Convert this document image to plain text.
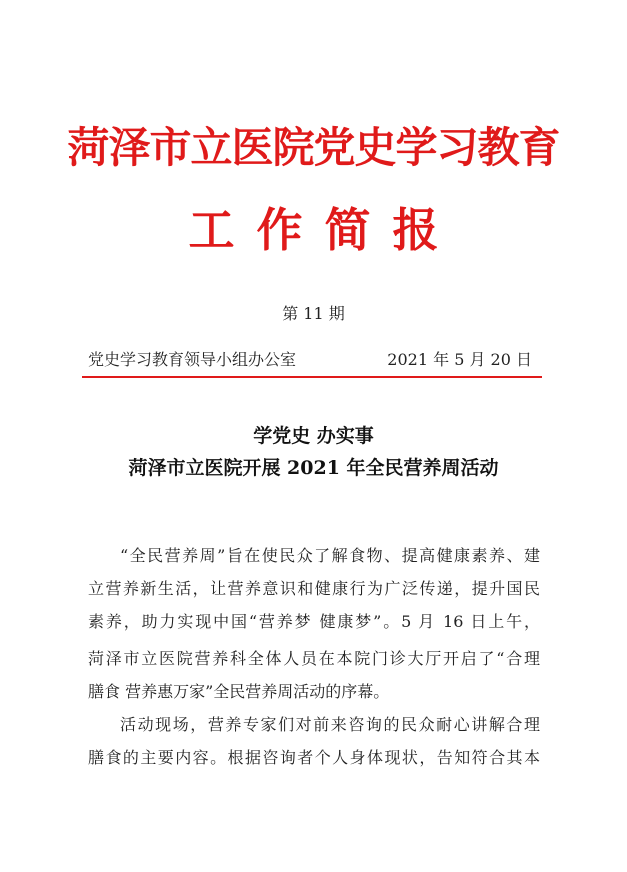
菏泽市立医院党史学习教育
工作简报
第 11 期
党史学习教育领导小组办公室	2021 年 5 月 20 日
学党史 办实事
菏泽市立医院开展 2021 年全民营养周活动
“全民营养周”旨在使民众了解食物、提高健康素养、建
立营养新生活，让营养意识和健康行为广泛传递，提升国民
素养，助力实现中国“营养梦 健康梦”。5 月 16 日上午，
菏泽市立医院营养科全体人员在本院门诊大厅开启了“合理
膳食 营养惠万家”全民营养周活动的序幕。
活动现场，营养专家们对前来咨询的民众耐心讲解合理
膳食的主要内容。根据咨询者个人身体现状，告知符合其本
